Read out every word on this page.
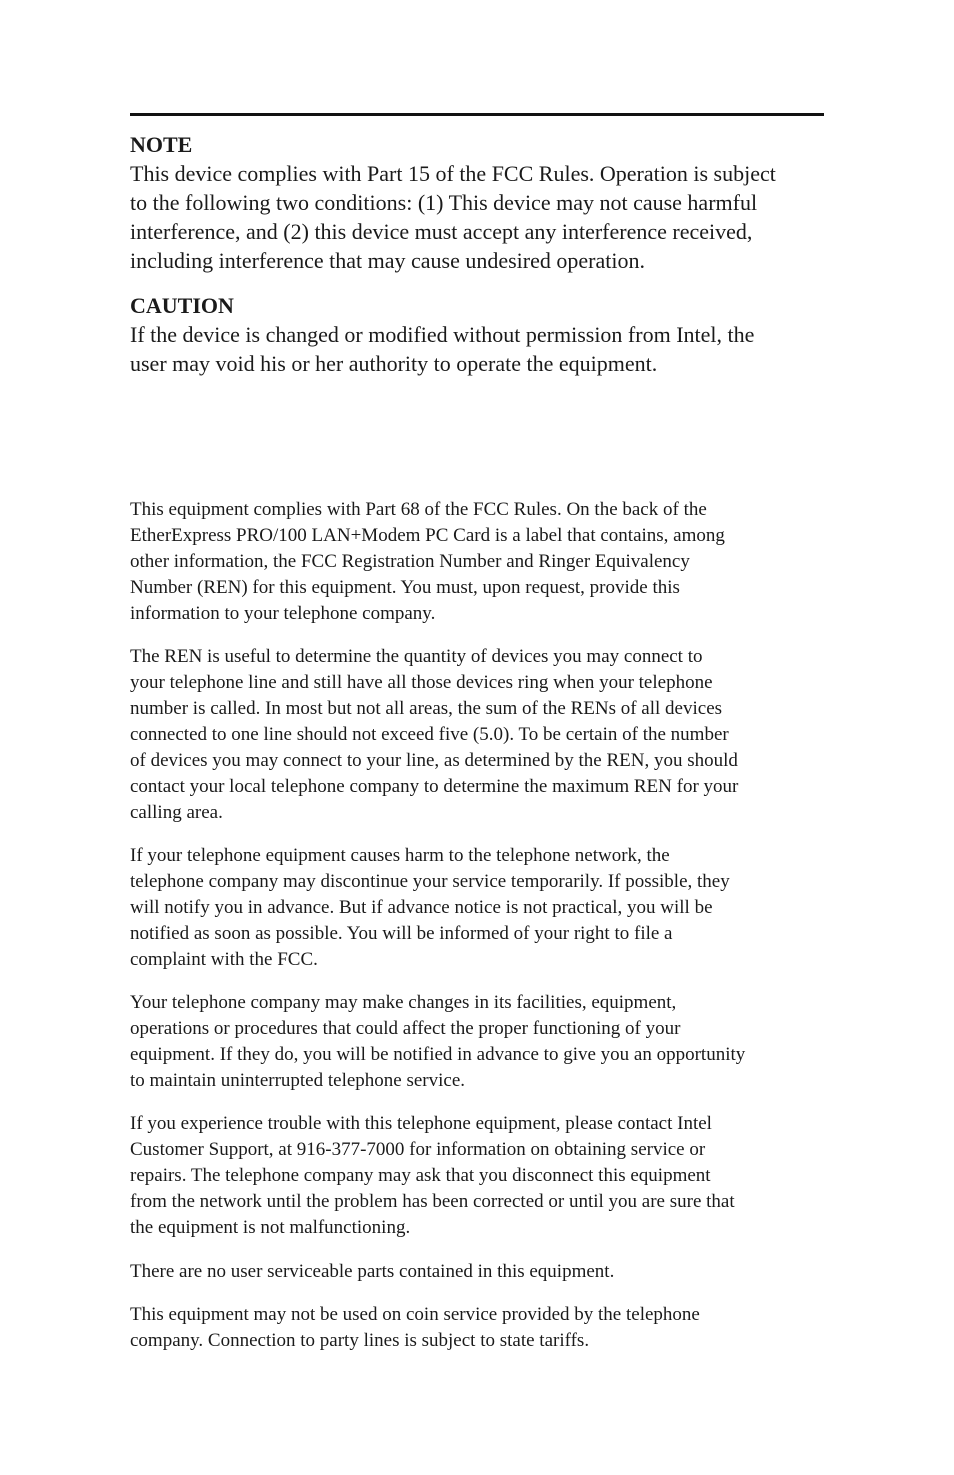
NOTE
This device complies with Part 15 of the FCC Rules. Operation is subject
to the following two conditions: (1) This device may not cause harmful
interference, and (2) this device must accept any interference received,
including interference that may cause undesired operation.
CAUTION
If the device is changed or modified without permission from Intel, the
user may void his or her authority to operate the equipment.
This equipment complies with Part 68 of the FCC Rules. On the back of the
EtherExpress PRO/100 LAN+Modem PC Card is a label that contains, among
other information, the FCC Registration Number and Ringer Equivalency
Number (REN) for this equipment. You must, upon request, provide this
information to your telephone company.
The REN is useful to determine the quantity of devices you may connect to
your telephone line and still have all those devices ring when your telephone
number is called. In most but not all areas, the sum of the RENs of all devices
connected to one line should not exceed five (5.0). To be certain of the number
of devices you may connect to your line, as determined by the REN, you should
contact your local telephone company to determine the maximum REN for your
calling area.
If your telephone equipment causes harm to the telephone network, the
telephone company may discontinue your service temporarily. If possible, they
will notify you in advance. But if advance notice is not practical, you will be
notified as soon as possible. You will be informed of your right to file a
complaint with the FCC.
Your telephone company may make changes in its facilities, equipment,
operations or procedures that could affect the proper functioning of your
equipment. If they do, you will be notified in advance to give you an opportunity
to maintain uninterrupted telephone service.
If you experience trouble with this telephone equipment, please contact Intel
Customer Support, at 916-377-7000 for information on obtaining service or
repairs. The telephone company may ask that you disconnect this equipment
from the network until the problem has been corrected or until you are sure that
the equipment is not malfunctioning.
There are no user serviceable parts contained in this equipment.
This equipment may not be used on coin service provided by the telephone
company. Connection to party lines is subject to state tariffs.
